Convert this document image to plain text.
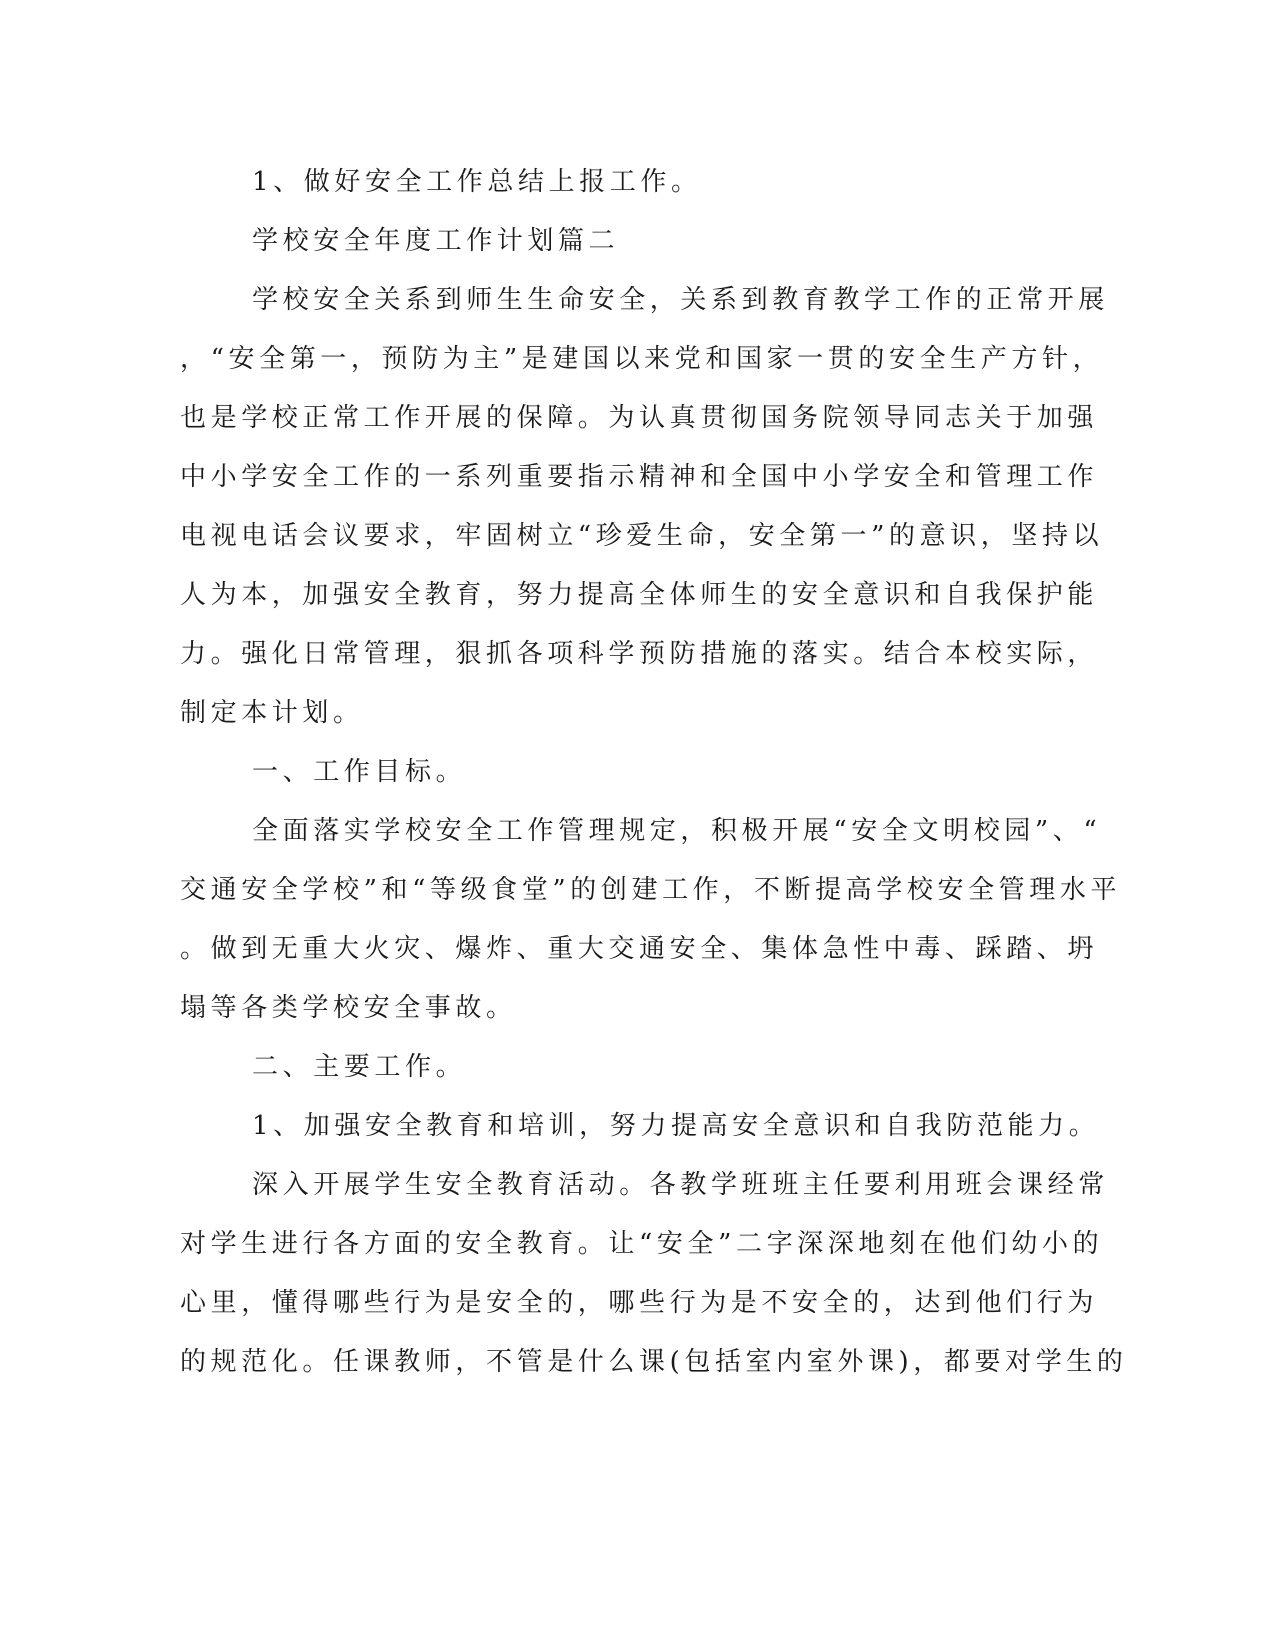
1、做好安全工作总结上报工作。
学校安全年度工作计划篇二
学校安全关系到师生生命安全，关系到教育教学工作的正常开展
，“安全第一，预防为主”是建国以来党和国家一贯的安全生产方针，
也是学校正常工作开展的保障。为认真贯彻国务院领导同志关于加强
中小学安全工作的一系列重要指示精神和全国中小学安全和管理工作
电视电话会议要求，牢固树立“珍爱生命，安全第一”的意识，坚持以
人为本，加强安全教育，努力提高全体师生的安全意识和自我保护能
力。强化日常管理，狠抓各项科学预防措施的落实。结合本校实际，
制定本计划。
一、工作目标。
全面落实学校安全工作管理规定，积极开展“安全文明校园”、“
交通安全学校”和“等级食堂”的创建工作，不断提高学校安全管理水平
。做到无重大火灾、爆炸、重大交通安全、集体急性中毒、踩踏、坍
塌等各类学校安全事故。
二、主要工作。
1、加强安全教育和培训，努力提高安全意识和自我防范能力。
深入开展学生安全教育活动。各教学班班主任要利用班会课经常
对学生进行各方面的安全教育。让“安全”二字深深地刻在他们幼小的
心里，懂得哪些行为是安全的，哪些行为是不安全的，达到他们行为
的规范化。任课教师，不管是什么课(包括室内室外课)，都要对学生的
